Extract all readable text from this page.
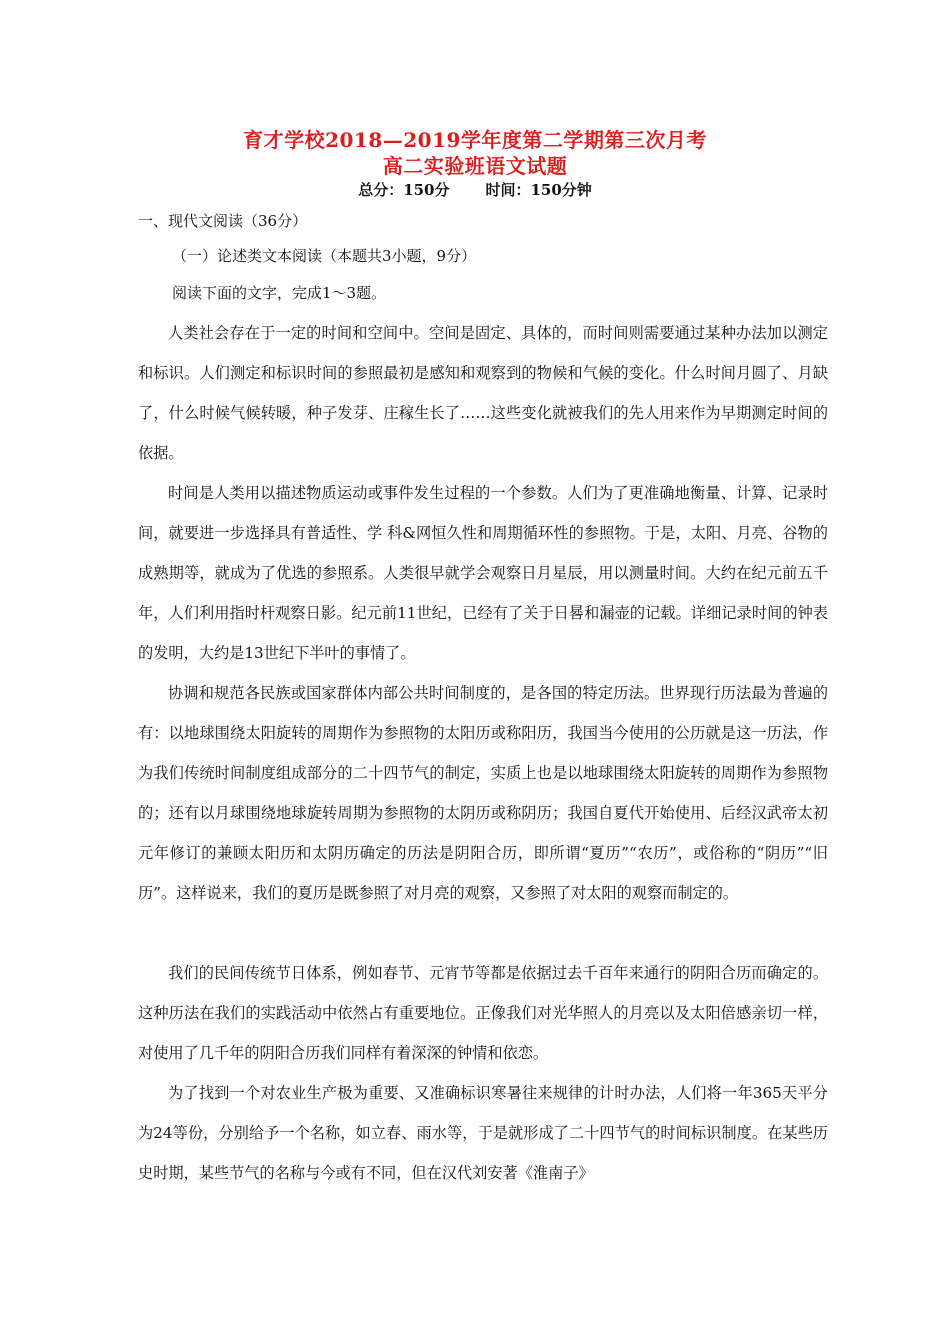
育才学校2018—2019学年度第二学期第三次月考
高二实验班语文试题
总分：150分 时间：150分钟
一、现代文阅读（36分）
（一）论述类文本阅读（本题共3小题，9分）
阅读下面的文字，完成1～3题。
人类社会存在于一定的时间和空间中。空间是固定、具体的，而时间则需要通过某种办法加以测定和标识。人们测定和标识时间的参照最初是感知和观察到的物候和气候的变化。什么时间月圆了、月缺了，什么时候气候转暖，种子发芽、庄稼生长了……这些变化就被我们的先人用来作为早期测定时间的依据。
时间是人类用以描述物质运动或事件发生过程的一个参数。人们为了更准确地衡量、计算、记录时间，就要进一步选择具有普适性、学 科&网恒久性和周期循环性的参照物。于是，太阳、月亮、谷物的成熟期等，就成为了优选的参照系。人类很早就学会观察日月星辰，用以测量时间。大约在纪元前五千年，人们利用指时杆观察日影。纪元前11世纪，已经有了关于日晷和漏壶的记载。详细记录时间的钟表的发明，大约是13世纪下半叶的事情了。
协调和规范各民族或国家群体内部公共时间制度的，是各国的特定历法。世界现行历法最为普遍的有：以地球围绕太阳旋转的周期作为参照物的太阳历或称阳历，我国当今使用的公历就是这一历法，作为我们传统时间制度组成部分的二十四节气的制定，实质上也是以地球围绕太阳旋转的周期作为参照物的；还有以月球围绕地球旋转周期为参照物的太阴历或称阴历；我国自夏代开始使用、后经汉武帝太初元年修订的兼顾太阳历和太阴历确定的历法是阴阳合历，即所谓“夏历”“农历”，或俗称的“阴历”“旧历”。这样说来，我们的夏历是既参照了对月亮的观察，又参照了对太阳的观察而制定的。
我们的民间传统节日体系，例如春节、元宵节等都是依据过去千百年来通行的阴阳合历而确定的。这种历法在我们的实践活动中依然占有重要地位。正像我们对光华照人的月亮以及太阳倍感亲切一样，对使用了几千年的阴阳合历我们同样有着深深的钟情和依恋。
为了找到一个对农业生产极为重要、又准确标识寒暑往来规律的计时办法，人们将一年365天平分为24等份，分别给予一个名称，如立春、雨水等，于是就形成了二十四节气的时间标识制度。在某些历史时期，某些节气的名称与今或有不同，但在汉代刘安著《淮南子》
